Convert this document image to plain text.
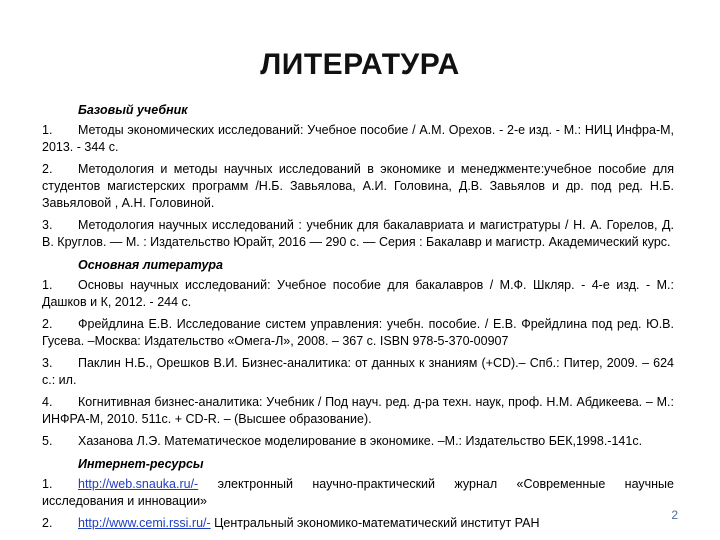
ЛИТЕРАТУРА
Базовый учебник
1. Методы экономических исследований: Учебное пособие / А.М. Орехов. - 2-е изд. - М.: НИЦ Инфра-М, 2013. - 344 с.
2. Методология и методы научных исследований в экономике и менеджменте:учебное пособие для студентов магистерских программ /Н.Б. Завьялова, А.И. Головина, Д.В. Завьялов и др. под ред. Н.Б. Завьяловой , А.Н. Головиной.
3. Методология научных исследований : учебник для бакалавриата и магистратуры / Н. А. Горелов, Д. В. Круглов. — М. : Издательство Юрайт, 2016 — 290 с. — Серия : Бакалавр и магистр. Академический курс.
Основная литература
1. Основы научных исследований: Учебное пособие для бакалавров / М.Ф. Шкляр. - 4-е изд. - М.: Дашков и К, 2012. - 244 с.
2. Фрейдлина Е.В. Исследование систем управления: учебн. пособие. / Е.В. Фрейдлина под ред. Ю.В. Гусева. –Москва: Издательство «Омега-Л», 2008. – 367 с. ISBN 978-5-370-00907
3. Паклин Н.Б., Орешков В.И. Бизнес-аналитика: от данных к знаниям (+CD).– Спб.: Питер, 2009. – 624 с.: ил.
4. Когнитивная бизнес-аналитика: Учебник / Под науч. ред. д-ра техн. наук, проф. Н.М. Абдикеева. – М.: ИНФРА-М, 2010. 511с. + CD-R. – (Высшее образование).
5. Хазанова Л.Э. Математическое моделирование в экономике. –М.: Издательство БЕК,1998.-141с.
Интернет-ресурсы
1. http://web.snauka.ru/- электронный научно-практический журнал «Современные научные исследования и инновации»
2. http://www.cemi.rssi.ru/- Центральный экономико-математический институт РАН
2
